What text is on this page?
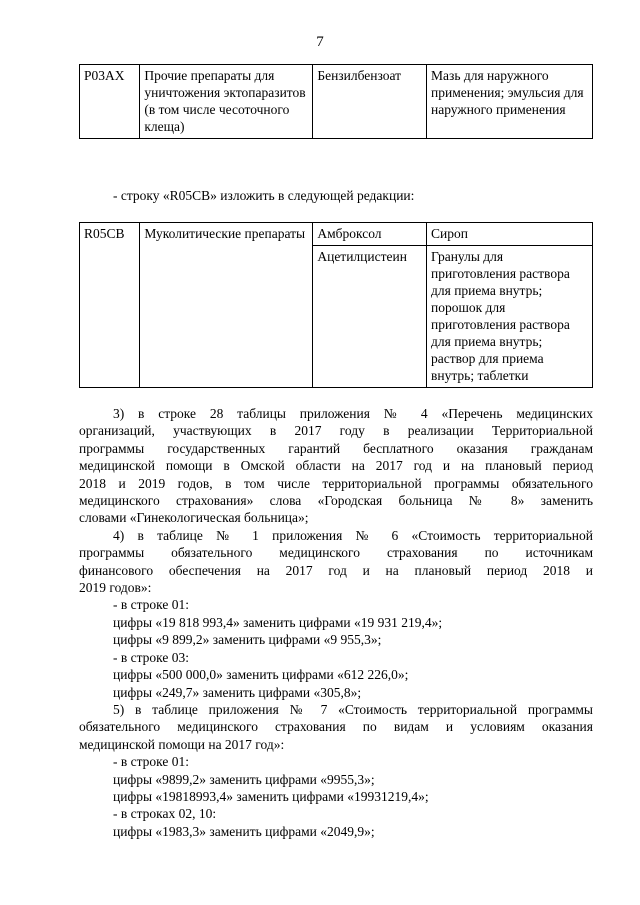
7
P03AX	Прочие препараты для уничтожения эктопаразитов (в том числе чесоточного клеща)	Бензилбензоат	Мазь для наружного применения; эмульсия для наружного применения
- строку «R05CB» изложить в следующей редакции:
R05CB	Муколитические препараты	Амброксол	Сироп
		Ацетилцистеин	Гранулы для приготовления раствора для приема внутрь; порошок для приготовления раствора для приема внутрь; раствор для приема внутрь; таблетки

3) в строке 28 таблицы приложения № 4 «Перечень медицинских

организаций, участвующих в 2017 году в реализации Территориальной

программы государственных гарантий бесплатного оказания гражданам

медицинской помощи в Омской области на 2017 год и на плановый период

2018 и 2019 годов, в том числе территориальной программы обязательного

медицинского страхования» слова «Городская больница № 8» заменить

словами «Гинекологическая больница»;

4) в таблице № 1 приложения № 6 «Стоимость территориальной

программы обязательного медицинского страхования по источникам

финансового обеспечения на 2017 год и на плановый период 2018 и

2019 годов»:

- в строке 01:

цифры «19 818 993,4» заменить цифрами «19 931 219,4»;

цифры «9 899,2» заменить цифрами «9 955,3»;

- в строке 03:

цифры «500 000,0» заменить цифрами «612 226,0»;

цифры «249,7» заменить цифрами «305,8»;

5) в таблице приложения № 7 «Стоимость территориальной программы

обязательного медицинского страхования по видам и условиям оказания

медицинской помощи на 2017 год»:

- в строке 01:

цифры «9899,2» заменить цифрами «9955,3»;

цифры «19818993,4» заменить цифрами «19931219,4»;

- в строках 02, 10:

цифры «1983,3» заменить цифрами «2049,9»;
